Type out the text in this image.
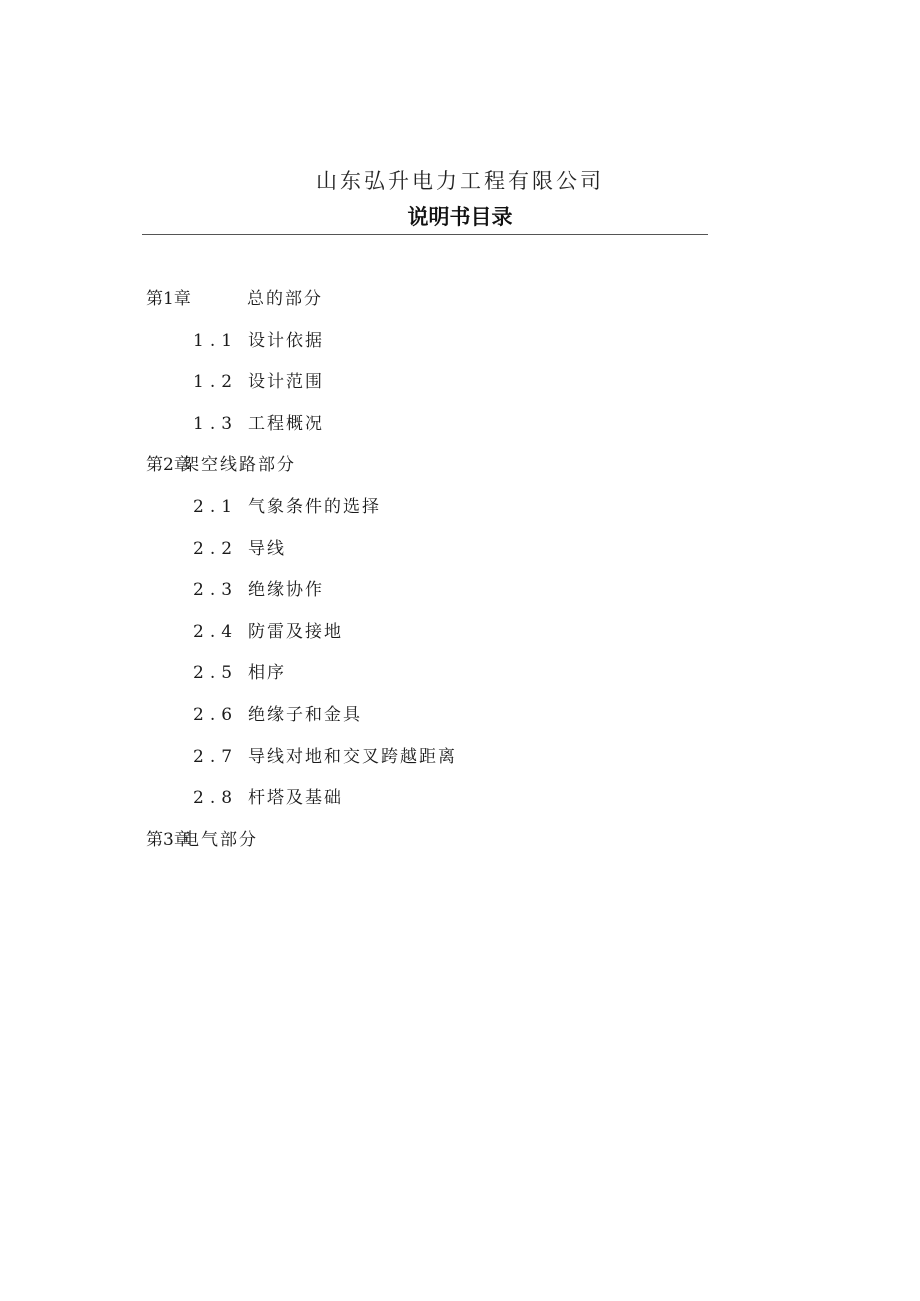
山东弘升电力工程有限公司
说明书目录
第1章	总的部分
1.1 设计依据
1.2 设计范围
1.3 工程概况
第2章
架空线路部分
2.1 气象条件的选择
2.2 导线
2.3 绝缘协作
2.4 防雷及接地
2.5 相序
2.6 绝缘子和金具
2.7 导线对地和交叉跨越距离
2.8 杆塔及基础
第3章
电气部分
